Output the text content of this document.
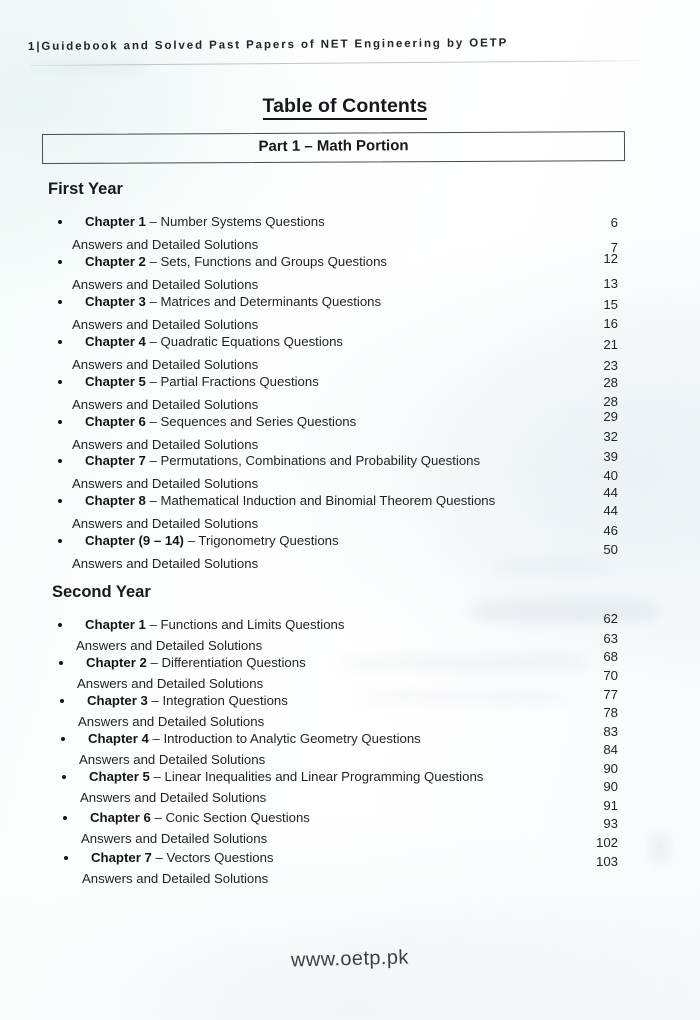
1|Guidebook and Solved Past Papers of NET Engineering by OETP
Table of Contents
Part 1 – Math Portion
First Year
Chapter 1 – Number Systems Questions
Answers and Detailed Solutions
6
7
Chapter 2 – Sets, Functions and Groups Questions
Answers and Detailed Solutions
12
13
Chapter 3 – Matrices and Determinants Questions
Answers and Detailed Solutions
15
16
Chapter 4 – Quadratic Equations Questions
Answers and Detailed Solutions
21
23
Chapter 5 – Partial Fractions Questions
Answers and Detailed Solutions
28
28
Chapter 6 – Sequences and Series Questions
Answers and Detailed Solutions
29
32
Chapter 7 – Permutations, Combinations and Probability Questions
Answers and Detailed Solutions
39
40
Chapter 8 – Mathematical Induction and Binomial Theorem Questions
Answers and Detailed Solutions
44
44
Chapter (9 – 14) – Trigonometry Questions
Answers and Detailed Solutions
46
50
Second Year
Chapter 1 – Functions and Limits Questions
Answers and Detailed Solutions
62
63
Chapter 2 – Differentiation Questions
Answers and Detailed Solutions
68
70
Chapter 3 – Integration Questions
Answers and Detailed Solutions
77
78
Chapter 4 – Introduction to Analytic Geometry Questions
Answers and Detailed Solutions
83
84
Chapter 5 – Linear Inequalities and Linear Programming Questions
Answers and Detailed Solutions
90
90
Chapter 6 – Conic Section Questions
Answers and Detailed Solutions
91
93
Chapter 7 – Vectors Questions
Answers and Detailed Solutions
102
103
www.oetp.pk
